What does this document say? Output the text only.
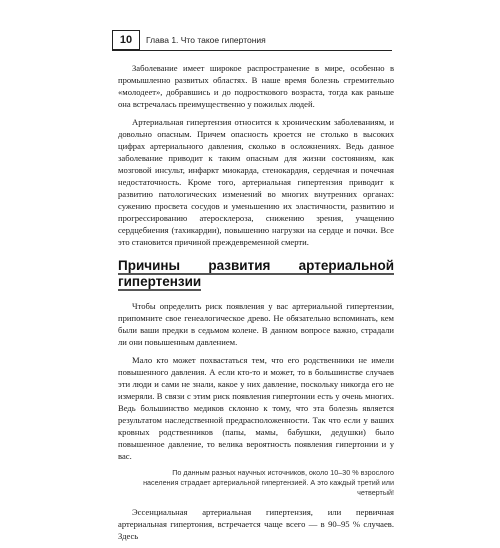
10	Глава 1. Что такое гипертония

Заболевание имеет широкое распространение в мире, особенно в промышленно развитых областях. В наше время болезнь стремительно «молодеет», добравшись и до подросткового возраста, тогда как раньше она встречалась преимущественно у пожилых людей.

Артериальная гипертензия относится к хроническим заболеваниям, и довольно опасным. Причем опасность кроется не столько в высоких цифрах артериального давления, сколько в осложнениях. Ведь данное заболевание приводит к таким опасным для жизни состояниям, как мозговой инсульт, инфаркт миокарда, стенокардия, сердечная и почечная недостаточность. Кроме того, артериальная гипертензия приводит к развитию патологических изменений во многих внутренних органах: сужению просвета сосудов и уменьшению их эластичности, развитию и прогрессированию атеросклероза, снижению зрения, учащению сердцебиения (тахикардии), повышению нагрузки на сердце и почки. Все это становится причиной преждевременной смерти.

Причины развития артериальной гипертензии

Чтобы определить риск появления у вас артериальной гипертензии, припомните свое генеалогическое древо. Не обязательно вспоминать, кем были ваши предки в седьмом колене. В данном вопросе важно, страдали ли они повышенным давлением.

Мало кто может похвастаться тем, что его родственники не имели повышенного давления. А если кто-то и может, то в большинстве случаев эти люди и сами не знали, какое у них давление, поскольку никогда его не измеряли. В связи с этим риск появления гипертонии есть у очень многих. Ведь большинство медиков склонно к тому, что эта болезнь является результатом наследственной предрасположенности. Так что если у ваших кровных родственников (папы, мамы, бабушки, дедушки) было повышенное давление, то велика вероятность появления гипертонии и у вас.

По данным разных научных источников, около 10–30 % взрослого населения страдает артериальной гипертензией. А это каждый третий или четвертый!

Эссенциальная артериальная гипертензия, или первичная артериальная гипертония, встречается чаще всего — в 90–95 % случаев. Здесь
